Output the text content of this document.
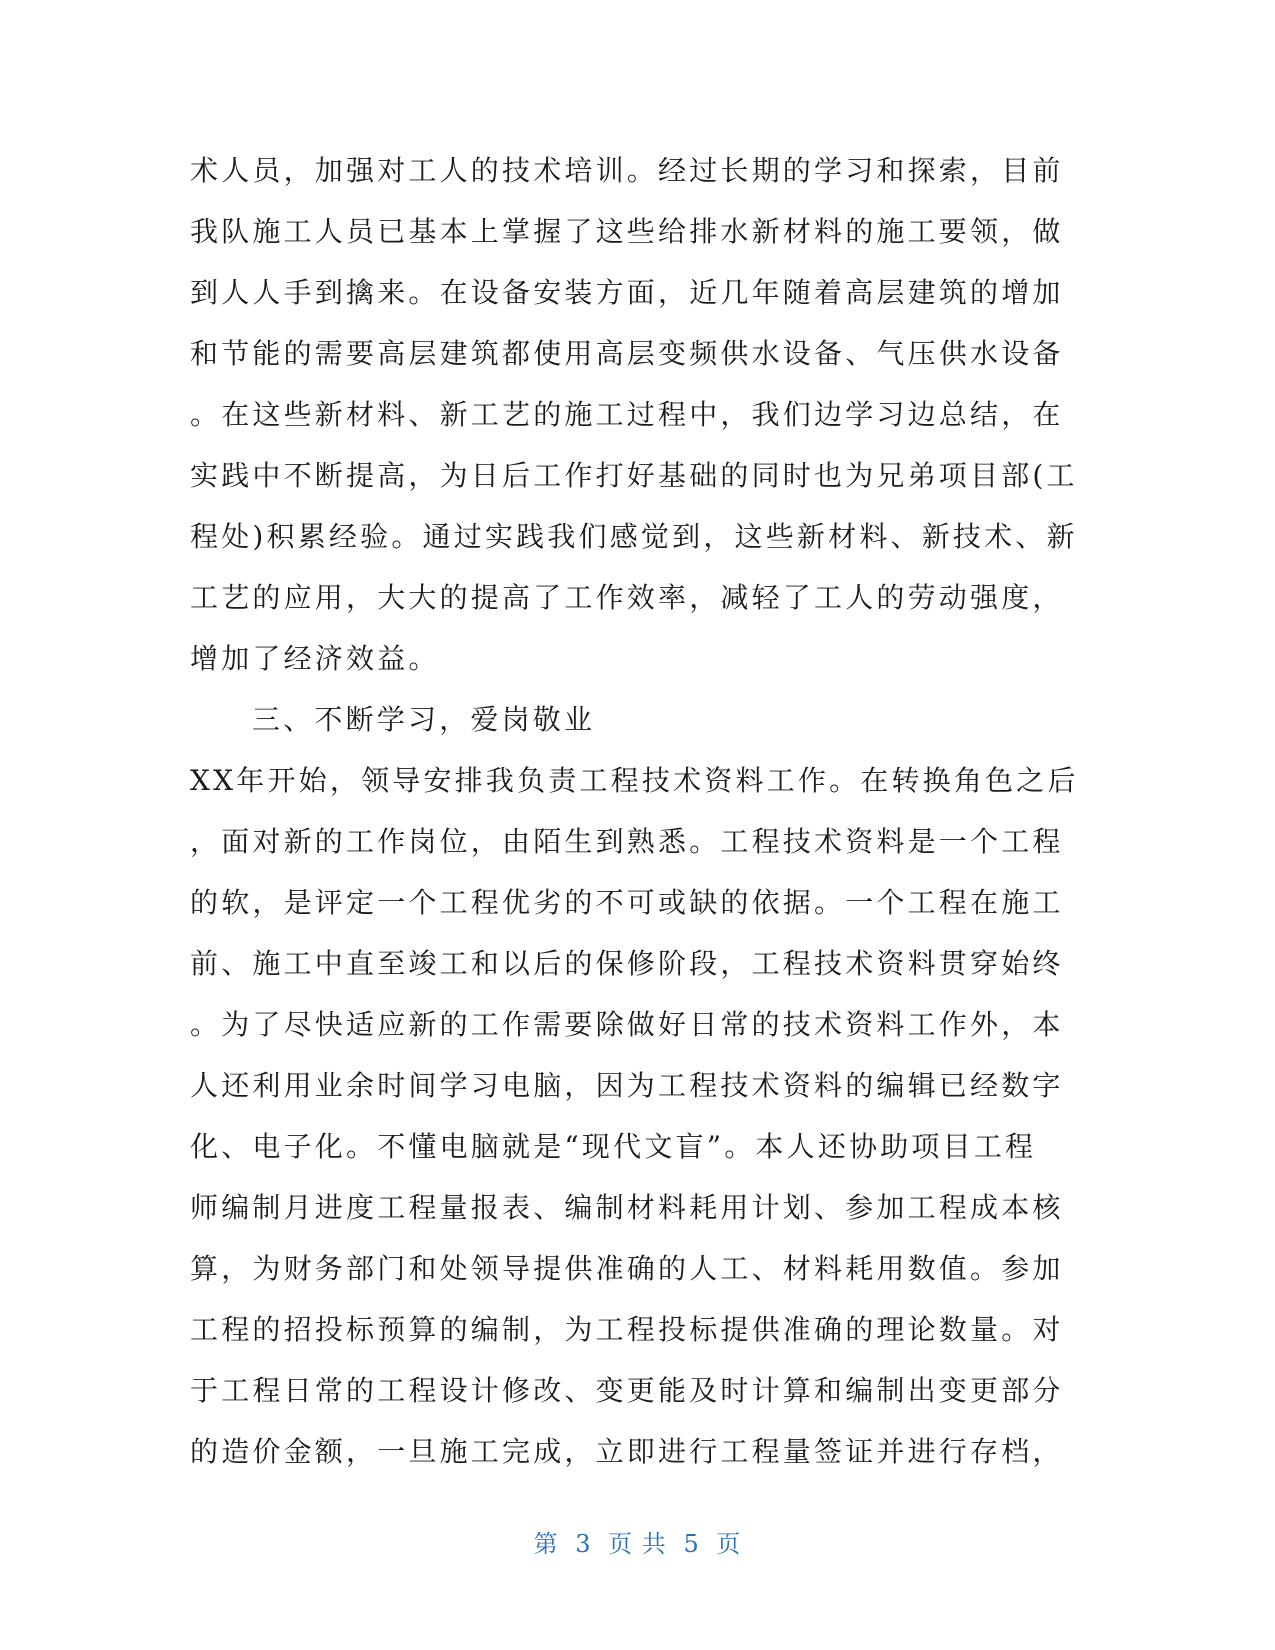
术人员，加强对工人的技术培训。经过长期的学习和探索，目前
我队施工人员已基本上掌握了这些给排水新材料的施工要领，做
到人人手到擒来。在设备安装方面，近几年随着高层建筑的增加
和节能的需要高层建筑都使用高层变频供水设备、气压供水设备
。在这些新材料、新工艺的施工过程中，我们边学习边总结，在
实践中不断提高，为日后工作打好基础的同时也为兄弟项目部(工
程处)积累经验。通过实践我们感觉到，这些新材料、新技术、新
工艺的应用，大大的提高了工作效率，减轻了工人的劳动强度，
增加了经济效益。
三、不断学习，爱岗敬业
XX年开始，领导安排我负责工程技术资料工作。在转换角色之后
，面对新的工作岗位，由陌生到熟悉。工程技术资料是一个工程
的软，是评定一个工程优劣的不可或缺的依据。一个工程在施工
前、施工中直至竣工和以后的保修阶段，工程技术资料贯穿始终
。为了尽快适应新的工作需要除做好日常的技术资料工作外，本
人还利用业余时间学习电脑，因为工程技术资料的编辑已经数字
化、电子化。不懂电脑就是“现代文盲”。本人还协助项目工程
师编制月进度工程量报表、编制材料耗用计划、参加工程成本核
算，为财务部门和处领导提供准确的人工、材料耗用数值。参加
工程的招投标预算的编制，为工程投标提供准确的理论数量。对
于工程日常的工程设计修改、变更能及时计算和编制出变更部分
的造价金额，一旦施工完成，立即进行工程量签证并进行存档，
第 3 页 共 5 页
